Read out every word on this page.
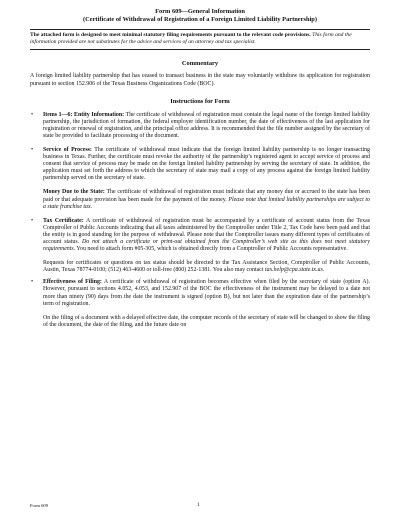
Form 609—General Information
(Certificate of Withdrawal of Registration of a Foreign Limited Liability Partnership)
The attached form is designed to meet minimal statutory filing requirements pursuant to the relevant code provisions. This form and the information provided are not substitutes for the advice and services of an attorney and tax specialist.
Commentary

A foreign limited liability partnership that has ceased to transact business in the state may voluntarily withdraw its application for registration pursuant to section 152.906 of the Texas Business Organizations Code (BOC).

Instructions for Form
• Items 1—6: Entity Information: The certificate of withdrawal of registration must contain the legal name of the foreign limited liability partnership, the jurisdiction of formation, the federal employer identification number, the date of effectiveness of the last application for registration or renewal of registration, and the principal office address. It is recommended that the file number assigned by the secretary of state be provided to facilitate processing of the document.
• Service of Process: The certificate of withdrawal must indicate that the foreign limited liability partnership is no longer transacting business in Texas. Further, the certificate must revoke the authority of the partnership’s registered agent to accept service of process and consent that service of process may be made on the foreign limited liability partnership by serving the secretary of state. In addition, the application must set forth the address to which the secretary of state may mail a copy of any process against the foreign limited liability partnership served on the secretary of state.

Money Due to the State: The certificate of withdrawal of registration must indicate that any money due or accrued to the state has been paid or that adequate provision has been made for the payment of the money. Please note that limited liability partnerships are subject to a state franchise tax.

• Tax Certificate: A certificate of withdrawal of registration must be accompanied by a certificate of account status from the Texas Comptroller of Public Accounts indicating that all taxes administered by the Comptroller under Title 2, Tax Code have been paid and that the entity is in good standing for the purpose of withdrawal. Please note that the Comptroller issues many different types of certificates of account status. Do not attach a certificate or print-out obtained from the Comptroller’s web site as this does not meet statutory requirements. You need to attach form #05-305, which is obtained directly from a Comptroller of Public Accounts representative.

Requests for certificates or questions on tax status should be directed to the Tax Assistance Section, Comptroller of Public Accounts, Austin, Texas 78774-0100; (512) 463-4600 or toll-free (800) 252-1381. You also may contact tax.help@cpa.state.tx.us.

• Effectiveness of Filing: A certificate of withdrawal of registration becomes effective when filed by the secretary of state (option A). However, pursuant to sections 4.052, 4.053, and 152.907 of the BOC the effectiveness of the instrument may be delayed to a date not more than ninety (90) days from the date the instrument is signed (option B), but not later than the expiration date of the partnership’s term of registration.

On the filing of a document with a delayed effective date, the computer records of the secretary of state will be changed to show the filing of the document, the date of the filing, and the future date on

Form 609	1
